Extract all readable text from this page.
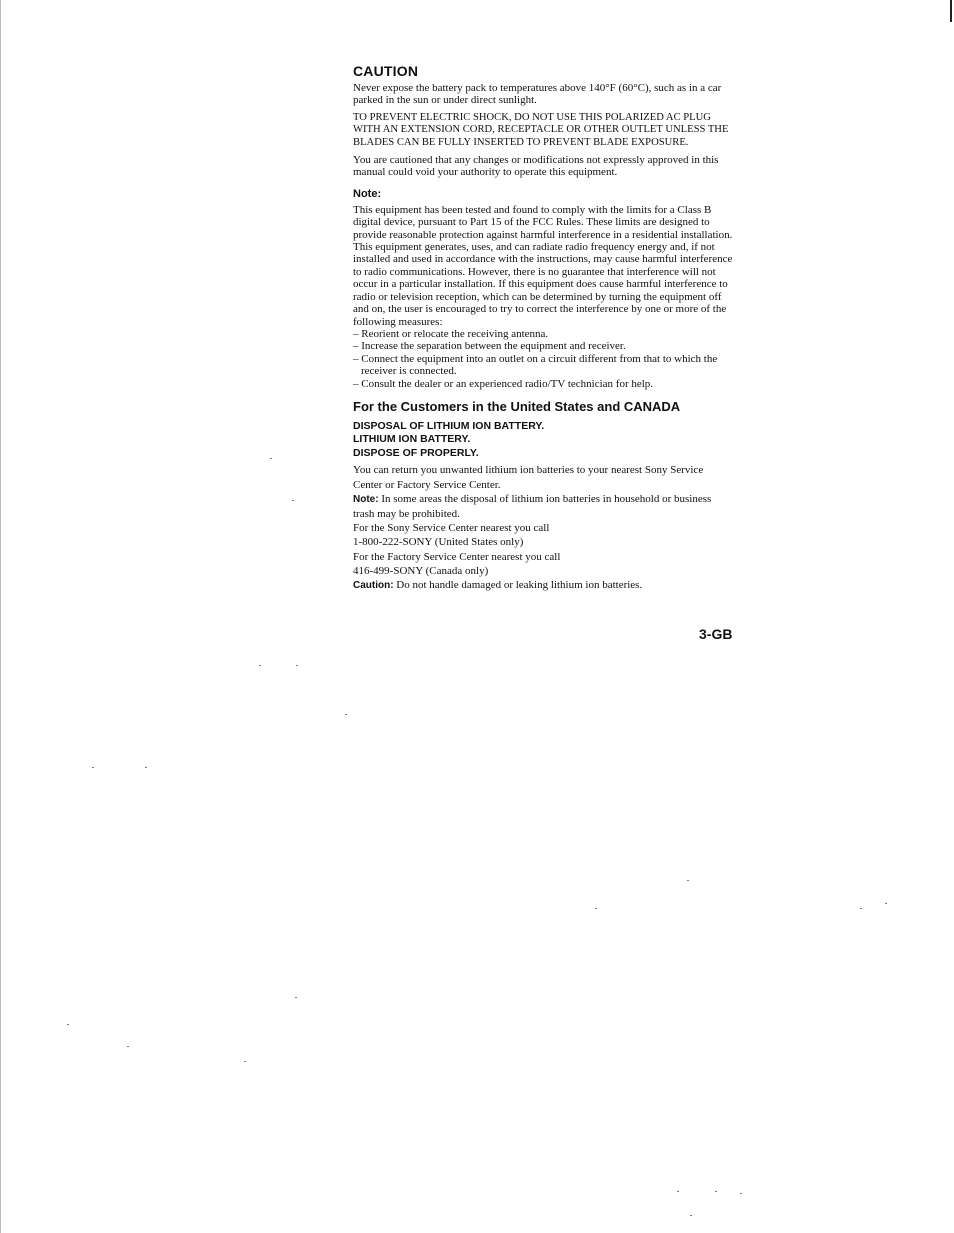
CAUTION

Never expose the battery pack to temperatures above 140°F (60°C), such as in a car parked in the sun or under direct sunlight.

TO PREVENT ELECTRIC SHOCK, DO NOT USE THIS POLARIZED AC PLUG WITH AN EXTENSION CORD, RECEPTACLE OR OTHER OUTLET UNLESS THE BLADES CAN BE FULLY INSERTED TO PREVENT BLADE EXPOSURE.

You are cautioned that any changes or modifications not expressly approved in this manual could void your authority to operate this equipment.

Note:

This equipment has been tested and found to comply with the limits for a Class B digital device, pursuant to Part 15 of the FCC Rules. These limits are designed to provide reasonable protection against harmful interference in a residential installation. This equipment generates, uses, and can radiate radio frequency energy and, if not installed and used in accordance with the instructions, may cause harmful interference to radio communications. However, there is no guarantee that interference will not occur in a particular installation. If this equipment does cause harmful interference to radio or television reception, which can be determined by turning the equipment off and on, the user is encouraged to try to correct the interference by one or more of the following measures:

– Reorient or relocate the receiving antenna.
– Increase the separation between the equipment and receiver.
– Connect the equipment into an outlet on a circuit different from that to which the receiver is connected.
– Consult the dealer or an experienced radio/TV technician for help.
For the Customers in the United States and CANADA

DISPOSAL OF LITHIUM ION BATTERY.

LITHIUM ION BATTERY.

DISPOSE OF PROPERLY.

You can return you unwanted lithium ion batteries to your nearest Sony Service Center or Factory Service Center.

Note: In some areas the disposal of lithium ion batteries in household or business trash may be prohibited.

For the Sony Service Center nearest you call

1-800-222-SONY (United States only)

For the Factory Service Center nearest you call

416-499-SONY (Canada only)

Caution: Do not handle damaged or leaking lithium ion batteries.

3-GB
